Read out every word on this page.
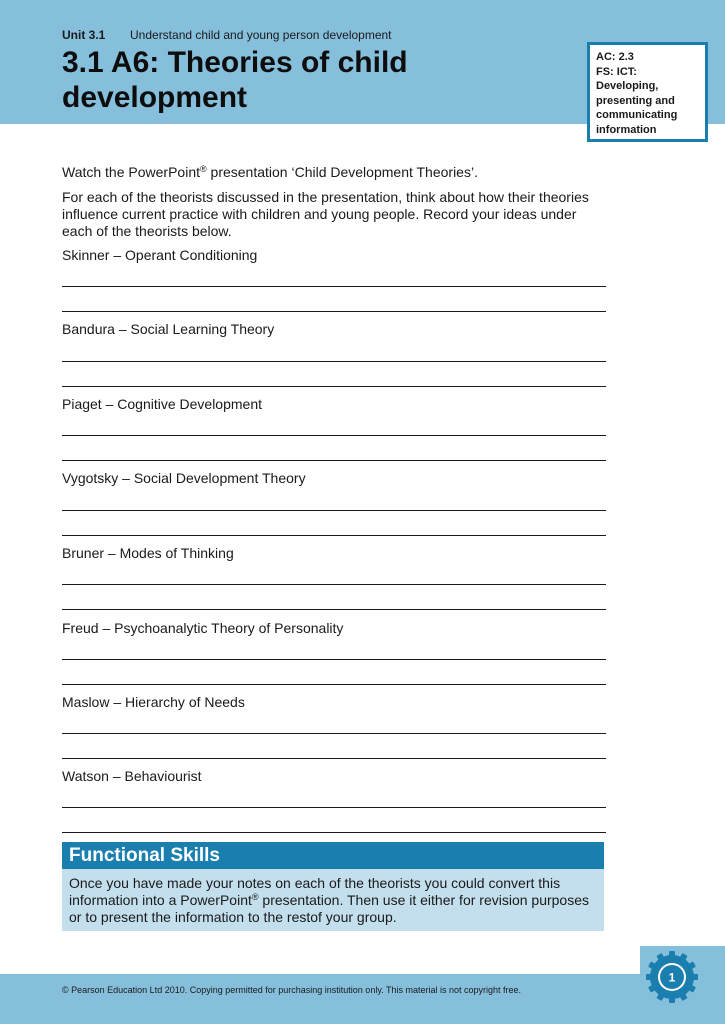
Unit 3.1 Understand child and young person development
3.1 A6: Theories of child development
AC: 2.3
FS: ICT:
Developing,
presenting and
communicating
information

Watch the PowerPoint® presentation ‘Child Development Theories’.

For each of the theorists discussed in the presentation, think about how their theories influence current practice with children and young people. Record your ideas under each of the theorists below.

Skinner – Operant Conditioning
Bandura – Social Learning Theory
Piaget – Cognitive Development
Vygotsky – Social Development Theory
Bruner – Modes of Thinking
Freud – Psychoanalytic Theory of Personality
Maslow – Hierarchy of Needs
Watson – Behaviourist
Functional Skills

Once you have made your notes on each of the theorists you could convert this information into a PowerPoint® presentation. Then use it either for revision purposes or to present the information to the restof your group.

© Pearson Education Ltd 2010. Copying permitted for purchasing institution only. This material is not copyright free.
1
